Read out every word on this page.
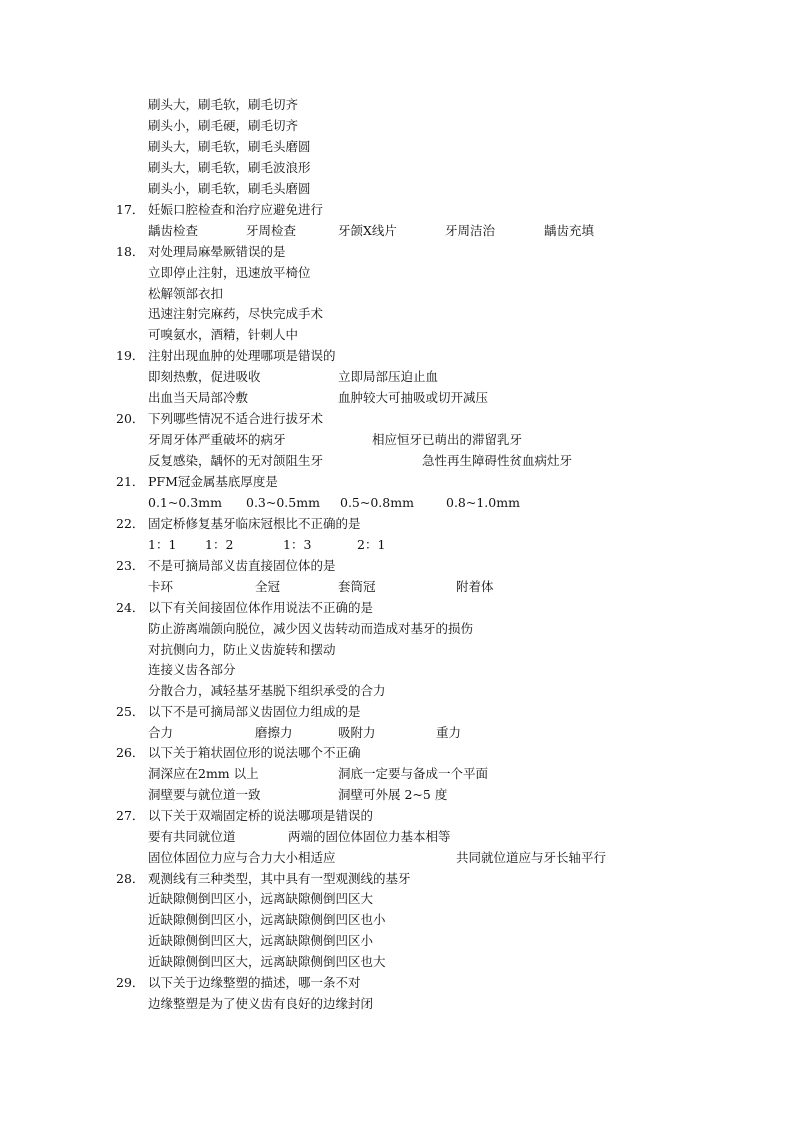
刷头大，刷毛软，刷毛切齐
刷头小，刷毛硬，刷毛切齐
刷头大，刷毛软，刷毛头磨圆
刷头大，刷毛软，刷毛波浪形
刷头小，刷毛软，刷毛头磨圆
17． 妊娠口腔检查和治疗应避免进行
龋齿检查	牙周检查	牙颌X线片	牙周洁治	龋齿充填
18． 对处理局麻晕厥错误的是
立即停止注射，迅速放平椅位
松解领部衣扣
迅速注射完麻药，尽快完成手术
可嗅氨水，酒精，针刺人中
19． 注射出现血肿的处理哪项是错误的
即刻热敷，促进吸收	立即局部压迫止血
出血当天局部冷敷	血肿较大可抽吸或切开减压
20． 下列哪些情况不适合进行拔牙术
牙周牙体严重破坏的病牙	相应恒牙已萌出的滞留乳牙
反复感染，龋怀的无对颌阻生牙	急性再生障碍性贫血病灶牙
21． PFM冠金属基底厚度是
0.1~0.3mm 0.3~0.5mm 0.5~0.8mm	0.8~1.0mm
22． 固定桥修复基牙临床冠根比不正确的是
1：1 1：2	1：3	2：1
23． 不是可摘局部义齿直接固位体的是
卡环	全冠	套筒冠	附着体
24． 以下有关间接固位体作用说法不正确的是
防止游离端颌向脱位，减少因义齿转动而造成对基牙的损伤
对抗侧向力，防止义齿旋转和摆动
连接义齿各部分
分散合力，减轻基牙基脱下组织承受的合力
25． 以下不是可摘局部义齿固位力组成的是
合力	磨擦力	吸附力	重力
26． 以下关于箱状固位形的说法哪个不正确
洞深应在2mm 以上	洞底一定要与备成一个平面
洞壁要与就位道一致	洞壁可外展 2~5 度
27． 以下关于双端固定桥的说法哪项是错误的
要有共同就位道	两端的固位体固位力基本相等
固位体固位力应与合力大小相适应	共同就位道应与牙长轴平行
28． 观测线有三种类型，其中具有一型观测线的基牙
近缺隙侧倒凹区小，远离缺隙侧倒凹区大
近缺隙侧倒凹区小，远离缺隙侧倒凹区也小
近缺隙侧倒凹区大，远离缺隙侧倒凹区小
近缺隙侧倒凹区大，远离缺隙侧倒凹区也大
29． 以下关于边缘整塑的描述，哪一条不对
边缘整塑是为了使义齿有良好的边缘封闭
